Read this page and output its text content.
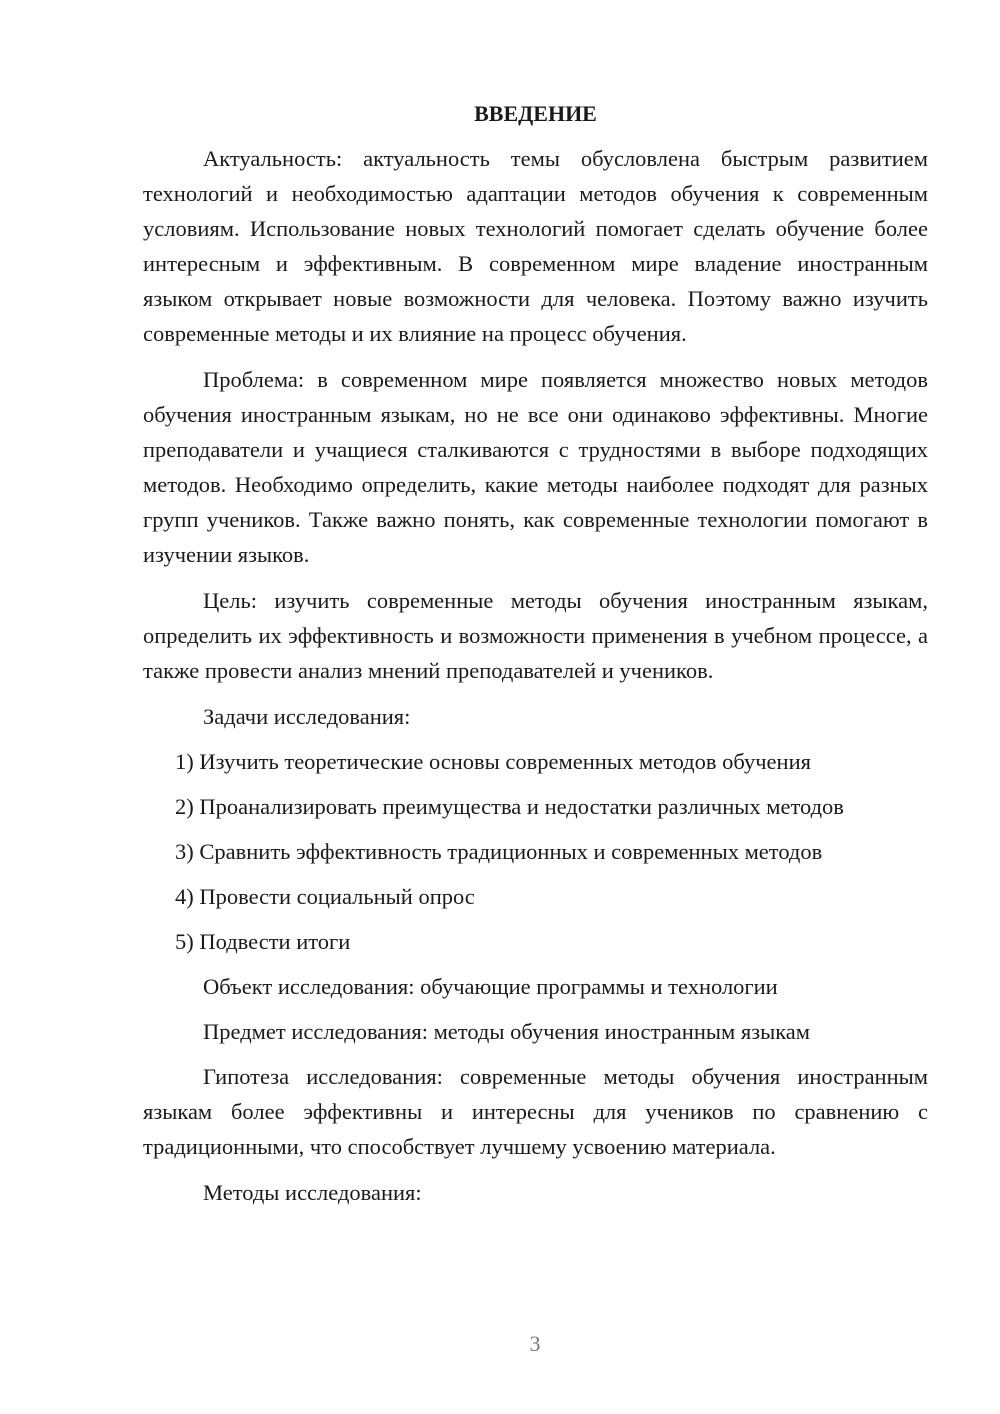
ВВЕДЕНИЕ

Актуальность: актуальность темы обусловлена быстрым развитием технологий и необходимостью адаптации методов обучения к современным условиям. Использование новых технологий помогает сделать обучение более интересным и эффективным. В современном мире владение иностранным языком открывает новые возможности для человека. Поэтому важно изучить современные методы и их влияние на процесс обучения.

Проблема: в современном мире появляется множество новых методов обучения иностранным языкам, но не все они одинаково эффективны. Многие преподаватели и учащиеся сталкиваются с трудностями в выборе подходящих методов. Необходимо определить, какие методы наиболее подходят для разных групп учеников. Также важно понять, как современные технологии помогают в изучении языков.

Цель: изучить современные методы обучения иностранным языкам, определить их эффективность и возможности применения в учебном процессе, а также провести анализ мнений преподавателей и учеников.

Задачи исследования:

1) Изучить теоретические основы современных методов обучения
2) Проанализировать преимущества и недостатки различных методов
3) Сравнить эффективность традиционных и современных методов
4) Провести социальный опрос
5) Подвести итоги

Объект исследования: обучающие программы и технологии

Предмет исследования: методы обучения иностранным языкам

Гипотеза исследования: современные методы обучения иностранным языкам более эффективны и интересны для учеников по сравнению с традиционными, что способствует лучшему усвоению материала.

Методы исследования:

3
